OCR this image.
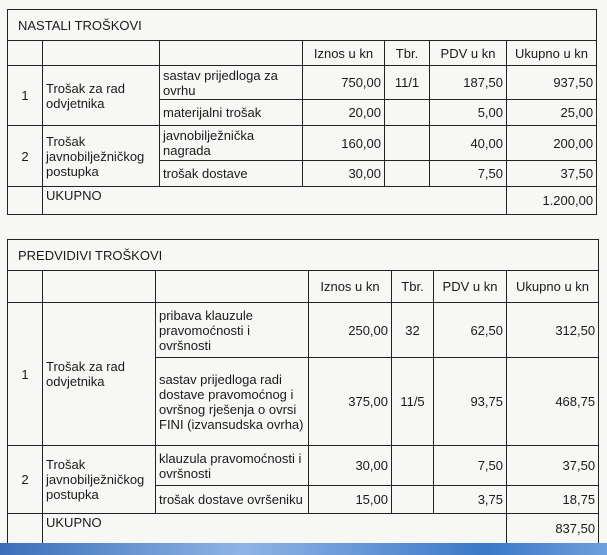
NASTALI TROŠKOVI						
			Iznos u kn	Tbr.	PDV u kn	Ukupno u kn
1	Trošak za rad odvjetnika	sastav prijedloga za ovrhu	750,00	11/1	187,50	937,50
		materijalni trošak	20,00		5,00	25,00
2	Trošak javnobilježničkog postupka	javnobilježnička nagrada	160,00		40,00	200,00
		trošak dostave	30,00		7,50	37,50
	UKUPNO					1.200,00
PREDVIDIVI TROŠKOVI						
			Iznos u kn	Tbr.	PDV u kn	Ukupno u kn
1	Trošak za rad odvjetnika	pribava klauzule pravomoćnosti i ovršnosti	250,00	32	62,50	312,50
		sastav prijedloga radi dostave pravomoćnog i ovršnog rješenja o ovrsi FINI (izvansudska ovrha)	375,00	11/5	93,75	468,75
2	Trošak javnobilježničkog postupka	klauzula pravomoćnosti i ovršnosti	30,00		7,50	37,50
		trošak dostave ovršeniku	15,00		3,75	18,75
	UKUPNO					837,50
